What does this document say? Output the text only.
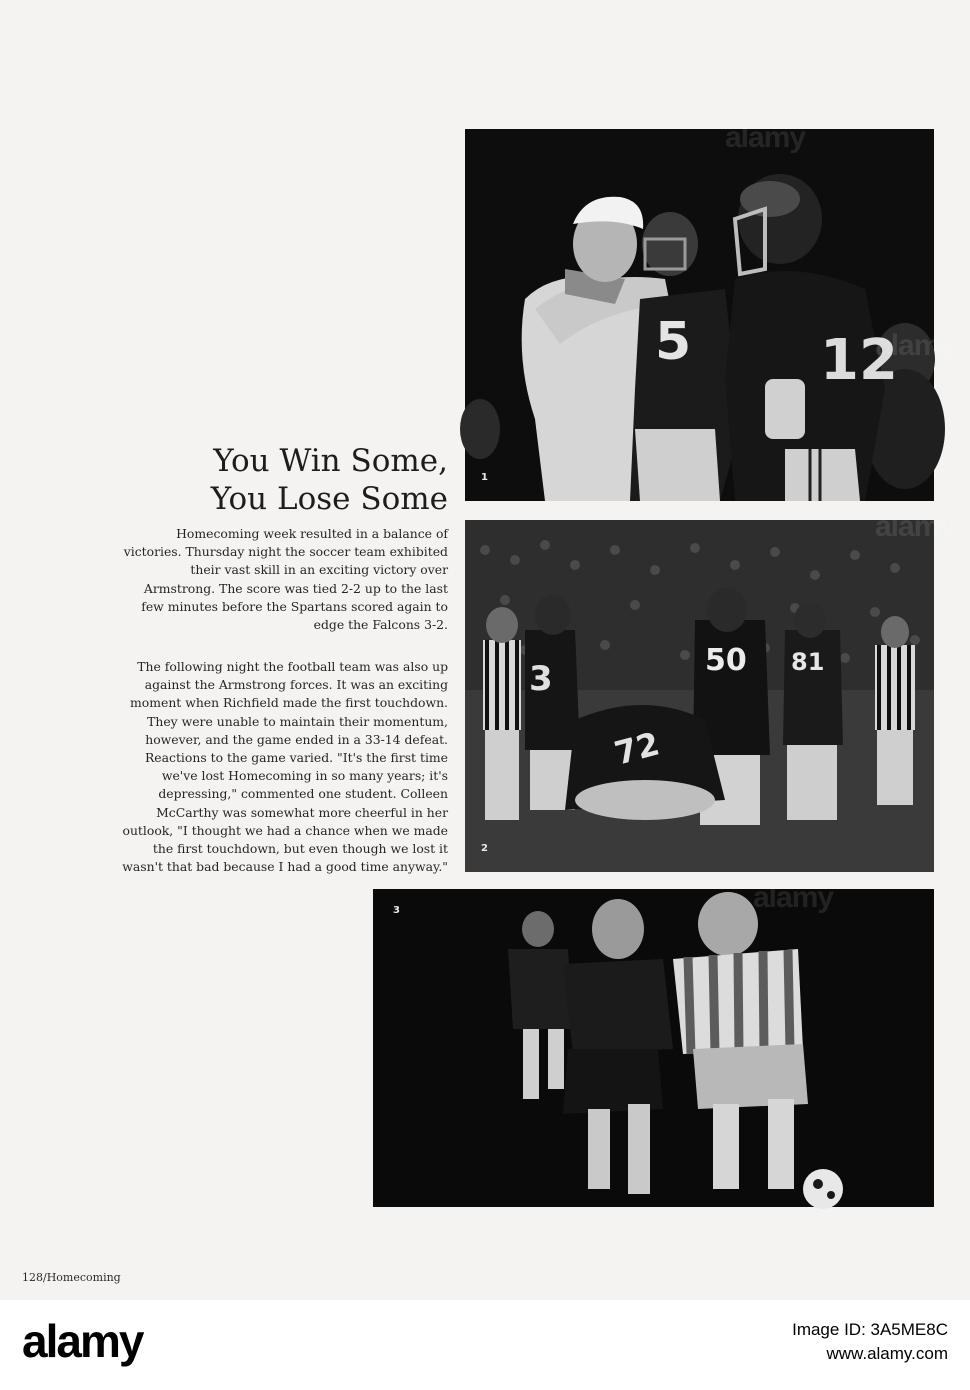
5 12
1
3	50 81
72
2
3
You Win Some,
You Lose Some

Homecoming week resulted in a balance of
victories. Thursday night the soccer team exhibited
their vast skill in an exciting victory over
Armstrong. The score was tied 2-2 up to the last
few minutes before the Spartans scored again to
edge the Falcons 3-2.

The following night the football team was also up
against the Armstrong forces. It was an exciting
moment when Richfield made the first touchdown.
They were unable to maintain their momentum,
however, and the game ended in a 33-14 defeat.
Reactions to the game varied. "It's the first time
we've lost Homecoming in so many years; it's
depressing," commented one student. Colleen
McCarthy was somewhat more cheerful in her
outlook, "I thought we had a chance when we made
the first touchdown, but even though we lost it
wasn't that bad because I had a good time anyway."

128/Homecoming
alamy	Image ID: 3A5ME8C
www.alamy.com
